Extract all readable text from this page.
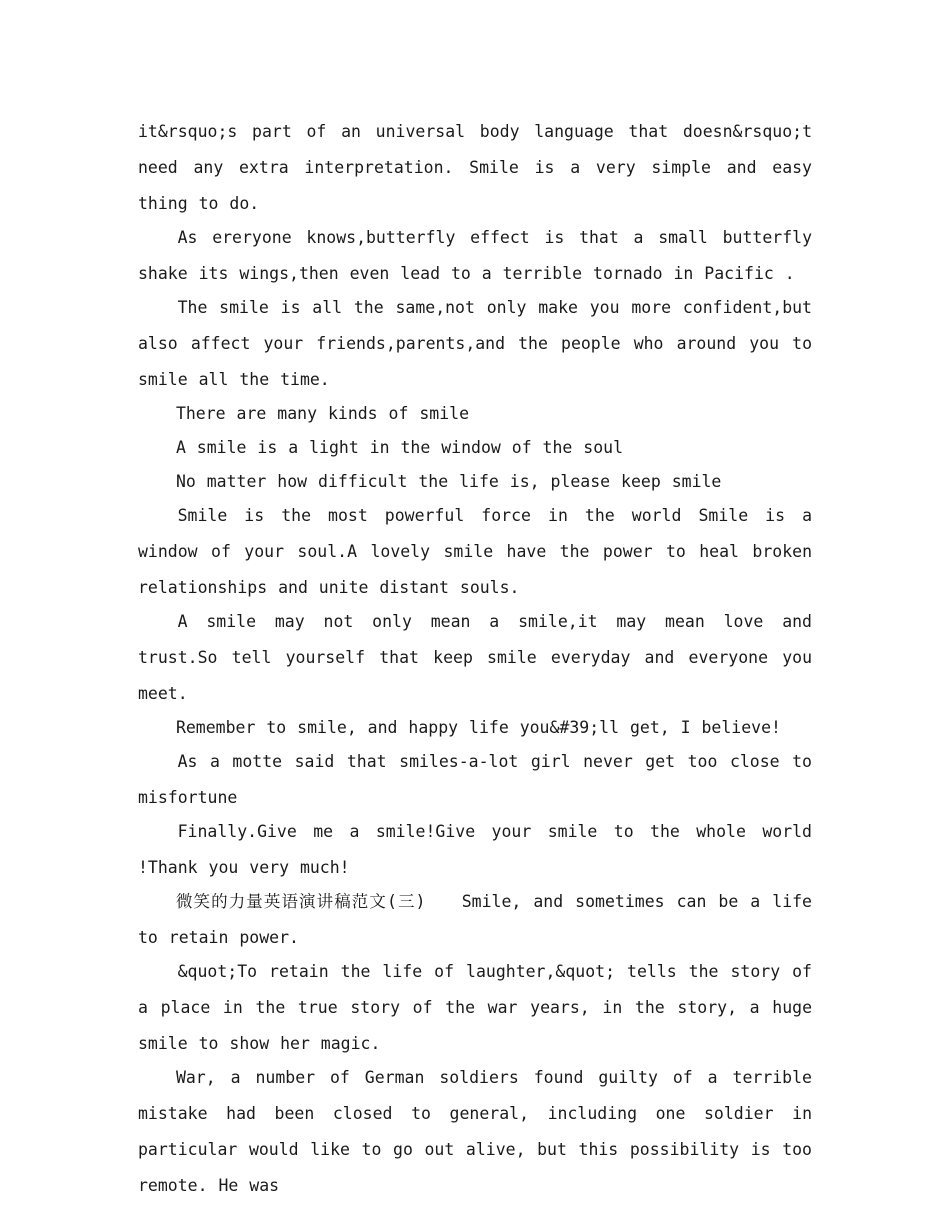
it&rsquo;s part of an universal body language that doesn&rsquo;t need any extra interpretation. Smile is a very simple and easy thing to do.

As ereryone knows,butterfly effect is that a small butterfly shake its wings,then even lead to a terrible tornado in Pacific .

The smile is all the same,not only make you more confident,but also affect your friends,parents,and the people who around you to smile all the time.

There are many kinds of smile

A smile is a light in the window of the soul

No matter how difficult the life is, please keep smile

Smile is the most powerful force in the world Smile is a window of your soul.A lovely smile have the power to heal broken relationships and unite distant souls.

A smile may not only mean a smile,it may mean love and trust.So tell yourself that keep smile everyday and everyone you meet.

Remember to smile, and happy life you&#39;ll get, I believe!

As a motte said that smiles-a-lot girl never get too close to misfortune

Finally.Give me a smile!Give your smile to the whole world !Thank you very much!

微笑的力量英语演讲稿范文(三)　　Smile, and sometimes can be a life to retain power.

&quot;To retain the life of laughter,&quot; tells the story of a place in the true story of the war years, in the story, a huge smile to show her magic.

War, a number of German soldiers found guilty of a terrible mistake had been closed to general, including one soldier in particular would like to go out alive, but this possibility is too remote. He was
